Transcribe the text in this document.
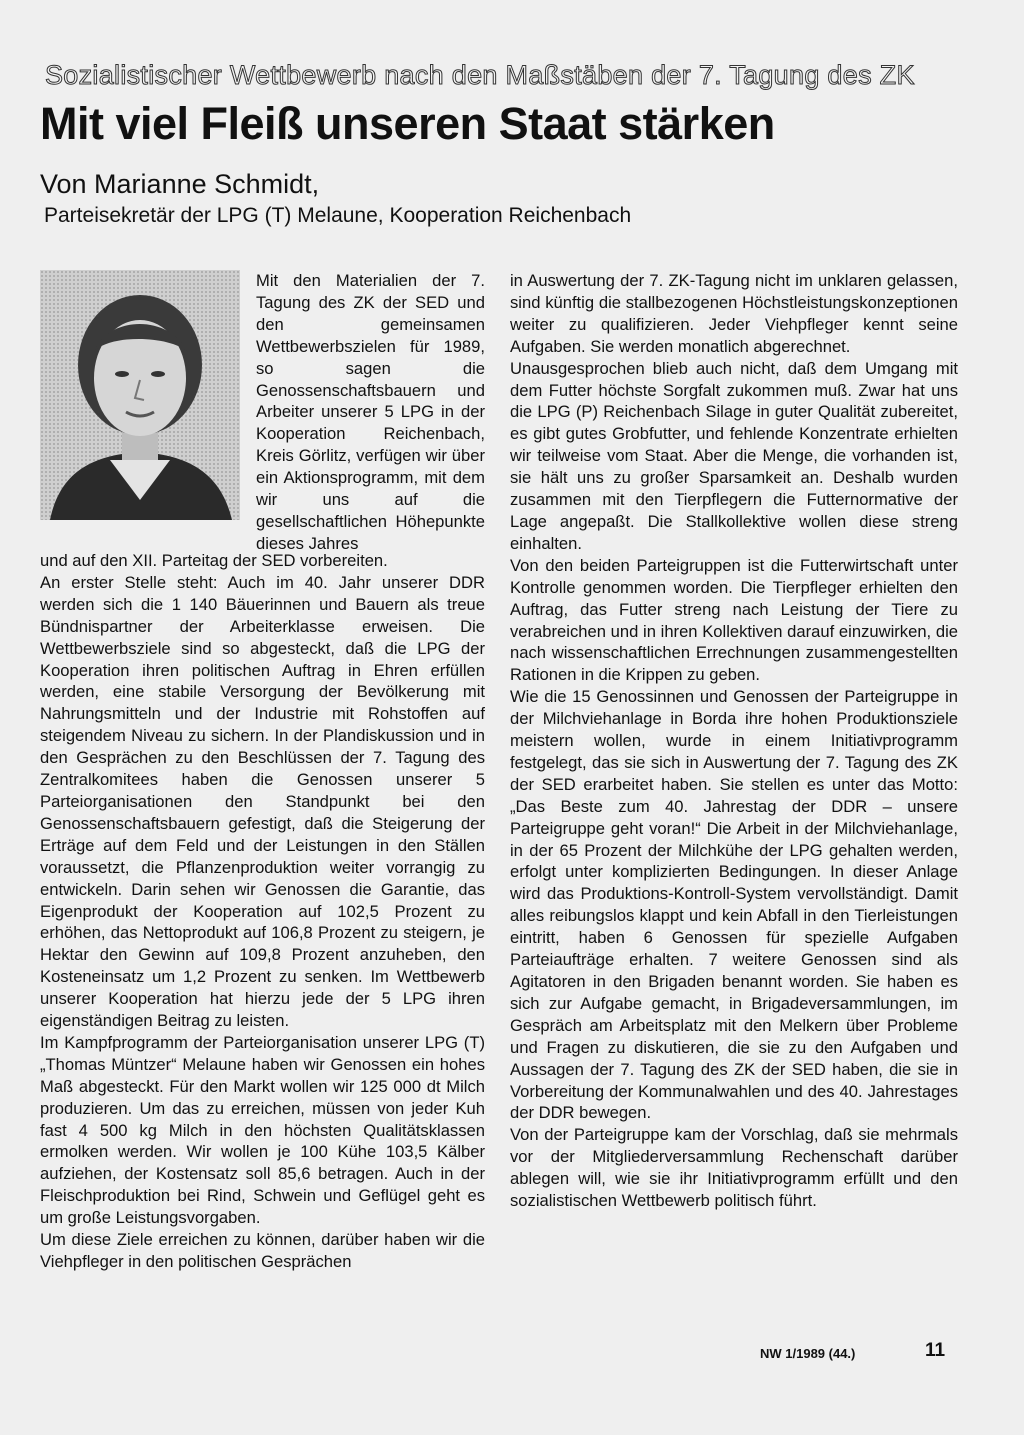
Sozialistischer Wettbewerb nach den Maßstäben der 7. Tagung des ZK
Mit viel Fleiß unseren Staat stärken
Von Marianne Schmidt,
Parteisekretär der LPG (T) Melaune, Kooperation Reichenbach

Mit den Materialien der 7. Tagung des ZK der SED und den gemeinsamen Wettbewerbszielen für 1989, so sagen die Genossenschaftsbauern und Arbeiter unserer 5 LPG in der Kooperation Reichenbach, Kreis Görlitz, verfügen wir über ein Aktionsprogramm, mit dem wir uns auf die gesellschaftlichen Höhepunkte dieses Jahres

und auf den XII. Parteitag der SED vorbereiten.

An erster Stelle steht: Auch im 40. Jahr unserer DDR werden sich die 1 140 Bäuerinnen und Bauern als treue Bündnispartner der Arbeiterklasse erweisen. Die Wettbewerbsziele sind so abgesteckt, daß die LPG der Kooperation ihren politischen Auftrag in Ehren erfüllen werden, eine stabile Versorgung der Bevölkerung mit Nahrungsmitteln und der Industrie mit Rohstoffen auf steigendem Niveau zu sichern. In der Plandiskussion und in den Gesprächen zu den Beschlüssen der 7. Tagung des Zentralkomitees haben die Genossen unserer 5 Parteiorganisationen den Standpunkt bei den Genossenschaftsbauern gefestigt, daß die Steigerung der Erträge auf dem Feld und der Leistungen in den Ställen voraussetzt, die Pflanzenproduktion weiter vorrangig zu entwickeln. Darin sehen wir Genossen die Garantie, das Eigenprodukt der Kooperation auf 102,5 Prozent zu erhöhen, das Nettoprodukt auf 106,8 Prozent zu steigern, je Hektar den Gewinn auf 109,8 Prozent anzuheben, den Kosteneinsatz um 1,2 Prozent zu senken. Im Wettbewerb unserer Kooperation hat hierzu jede der 5 LPG ihren eigenständigen Beitrag zu leisten.

Im Kampfprogramm der Parteiorganisation unserer LPG (T) „Thomas Müntzer“ Melaune haben wir Genossen ein hohes Maß abgesteckt. Für den Markt wollen wir 125 000 dt Milch produzieren. Um das zu erreichen, müssen von jeder Kuh fast 4 500 kg Milch in den höchsten Qualitätsklassen ermolken werden. Wir wollen je 100 Kühe 103,5 Kälber aufziehen, der Kostensatz soll 85,6 betragen. Auch in der Fleischproduktion bei Rind, Schwein und Geflügel geht es um große Leistungsvorgaben.

Um diese Ziele erreichen zu können, darüber haben wir die Viehpfleger in den politischen Gesprächen

in Auswertung der 7. ZK-Tagung nicht im unklaren gelassen, sind künftig die stallbezogenen Höchstleistungskonzeptionen weiter zu qualifizieren. Jeder Viehpfleger kennt seine Aufgaben. Sie werden monatlich abgerechnet.

Unausgesprochen blieb auch nicht, daß dem Umgang mit dem Futter höchste Sorgfalt zukommen muß. Zwar hat uns die LPG (P) Reichenbach Silage in guter Qualität zubereitet, es gibt gutes Grobfutter, und fehlende Konzentrate erhielten wir teilweise vom Staat. Aber die Menge, die vorhanden ist, sie hält uns zu großer Sparsamkeit an. Deshalb wurden zusammen mit den Tierpflegern die Futternormative der Lage angepaßt. Die Stallkollektive wollen diese streng einhalten.

Von den beiden Parteigruppen ist die Futterwirtschaft unter Kontrolle genommen worden. Die Tierpfleger erhielten den Auftrag, das Futter streng nach Leistung der Tiere zu verabreichen und in ihren Kollektiven darauf einzuwirken, die nach wissenschaftlichen Errechnungen zusammengestellten Rationen in die Krippen zu geben.

Wie die 15 Genossinnen und Genossen der Parteigruppe in der Milchviehanlage in Borda ihre hohen Produktionsziele meistern wollen, wurde in einem Initiativprogramm festgelegt, das sie sich in Auswertung der 7. Tagung des ZK der SED erarbeitet haben. Sie stellen es unter das Motto: „Das Beste zum 40. Jahrestag der DDR – unsere Parteigruppe geht voran!“ Die Arbeit in der Milchviehanlage, in der 65 Prozent der Milchkühe der LPG gehalten werden, erfolgt unter komplizierten Bedingungen. In dieser Anlage wird das Produktions-Kontroll-System vervollständigt. Damit alles reibungslos klappt und kein Abfall in den Tierleistungen eintritt, haben 6 Genossen für spezielle Aufgaben Parteiaufträge erhalten. 7 weitere Genossen sind als Agitatoren in den Brigaden benannt worden. Sie haben es sich zur Aufgabe gemacht, in Brigadeversammlungen, im Gespräch am Arbeitsplatz mit den Melkern über Probleme und Fragen zu diskutieren, die sie zu den Aufgaben und Aussagen der 7. Tagung des ZK der SED haben, die sie in Vorbereitung der Kommunalwahlen und des 40. Jahrestages der DDR bewegen.

Von der Parteigruppe kam der Vorschlag, daß sie mehrmals vor der Mitgliederversammlung Rechenschaft darüber ablegen will, wie sie ihr Initiativprogramm erfüllt und den sozialistischen Wettbewerb politisch führt.

NW 1/1989 (44.)	11
